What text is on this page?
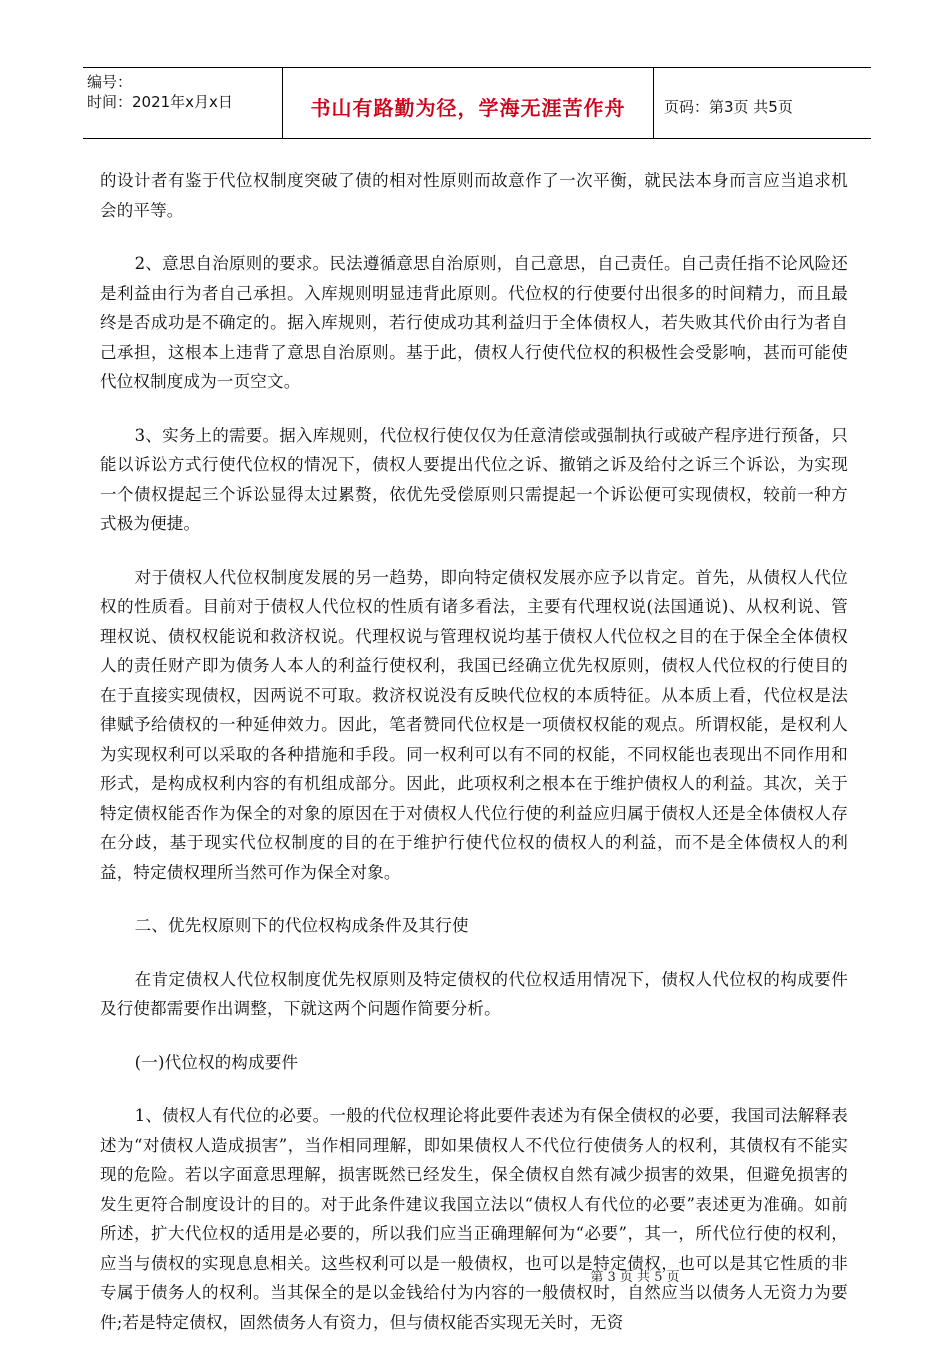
编号：
时间：2021年x月x日	书山有路勤为径，学海无涯苦作舟	页码：第3页 共5页

的设计者有鉴于代位权制度突破了债的相对性原则而故意作了一次平衡，就民法本身而言应当追求机会的平等。

2、意思自治原则的要求。民法遵循意思自治原则，自己意思，自己责任。自己责任指不论风险还是利益由行为者自己承担。入库规则明显违背此原则。代位权的行使要付出很多的时间精力，而且最终是否成功是不确定的。据入库规则，若行使成功其利益归于全体债权人，若失败其代价由行为者自己承担，这根本上违背了意思自治原则。基于此，债权人行使代位权的积极性会受影响，甚而可能使代位权制度成为一页空文。

3、实务上的需要。据入库规则，代位权行使仅仅为任意清偿或强制执行或破产程序进行预备，只能以诉讼方式行使代位权的情况下，债权人要提出代位之诉、撤销之诉及给付之诉三个诉讼，为实现一个债权提起三个诉讼显得太过累赘，依优先受偿原则只需提起一个诉讼便可实现债权，较前一种方式极为便捷。

对于债权人代位权制度发展的另一趋势，即向特定债权发展亦应予以肯定。首先，从债权人代位权的性质看。目前对于债权人代位权的性质有诸多看法，主要有代理权说(法国通说)、从权利说、管理权说、债权权能说和救济权说。代理权说与管理权说均基于债权人代位权之目的在于保全全体债权人的责任财产即为债务人本人的利益行使权利，我国已经确立优先权原则，债权人代位权的行使目的在于直接实现债权，因两说不可取。救济权说没有反映代位权的本质特征。从本质上看，代位权是法律赋予给债权的一种延伸效力。因此，笔者赞同代位权是一项债权权能的观点。所谓权能，是权利人为实现权利可以采取的各种措施和手段。同一权利可以有不同的权能，不同权能也表现出不同作用和形式，是构成权利内容的有机组成部分。因此，此项权利之根本在于维护债权人的利益。其次，关于特定债权能否作为保全的对象的原因在于对债权人代位行使的利益应归属于债权人还是全体债权人存在分歧，基于现实代位权制度的目的在于维护行使代位权的债权人的利益，而不是全体债权人的利益，特定债权理所当然可作为保全对象。

二、优先权原则下的代位权构成条件及其行使

在肯定债权人代位权制度优先权原则及特定债权的代位权适用情况下，债权人代位权的构成要件及行使都需要作出调整，下就这两个问题作简要分析。

(一)代位权的构成要件

1、债权人有代位的必要。一般的代位权理论将此要件表述为有保全债权的必要，我国司法解释表述为“对债权人造成损害”，当作相同理解，即如果债权人不代位行使债务人的权利，其债权有不能实现的危险。若以字面意思理解，损害既然已经发生，保全债权自然有减少损害的效果，但避免损害的发生更符合制度设计的目的。对于此条件建议我国立法以“债权人有代位的必要”表述更为准确。如前所述，扩大代位权的适用是必要的，所以我们应当正确理解何为“必要”，其一，所代位行使的权利，应当与债权的实现息息相关。这些权利可以是一般债权，也可以是特定债权，也可以是其它性质的非专属于债务人的权利。当其保全的是以金钱给付为内容的一般债权时，自然应当以债务人无资力为要件;若是特定债权，固然债务人有资力，但与债权能否实现无关时，无资

第 3 页 共 5 页
